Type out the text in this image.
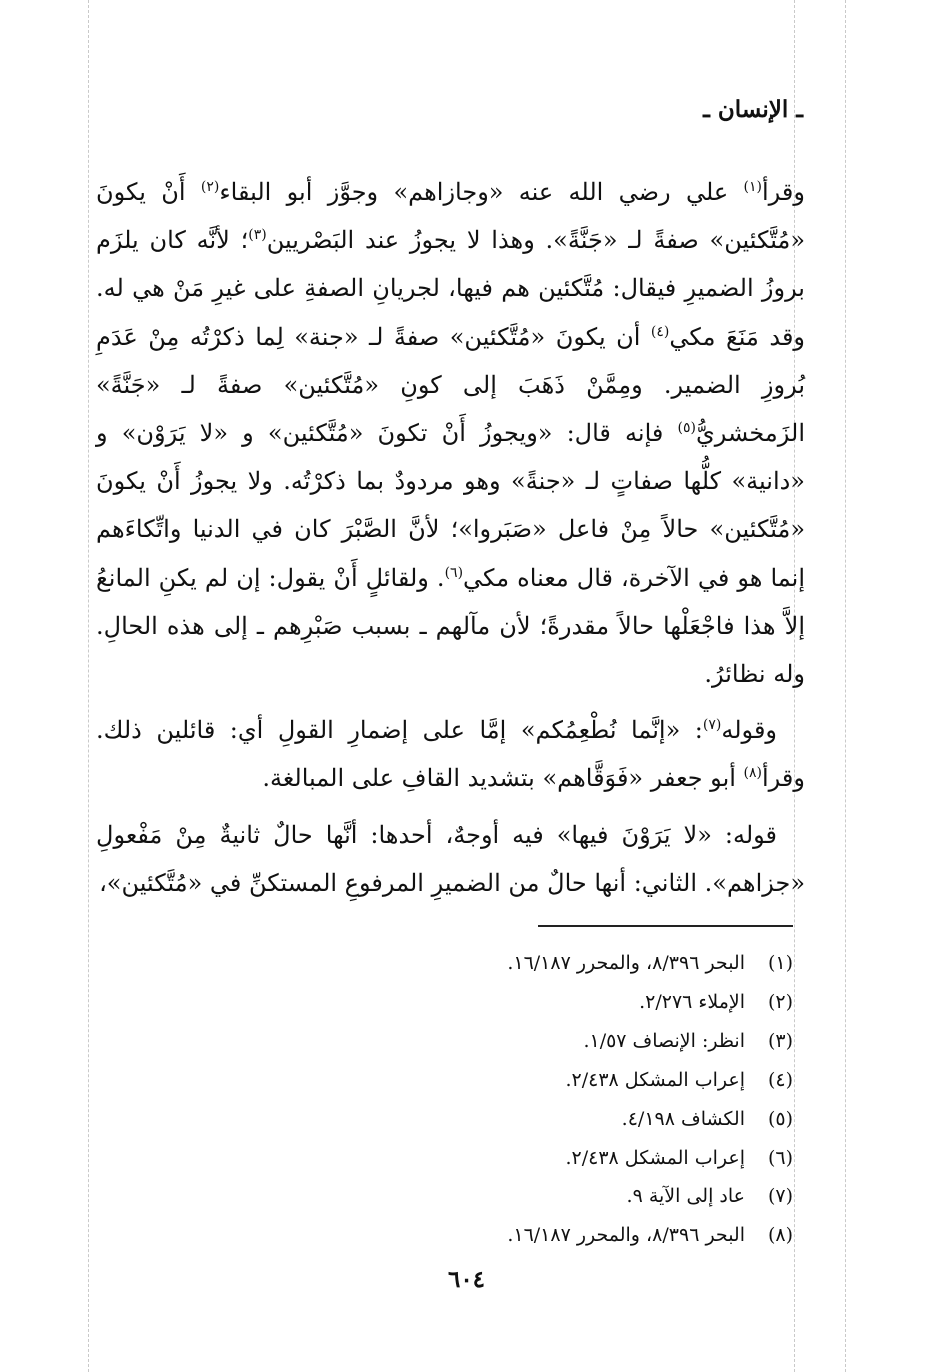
ـ الإنسان ـ

وقرأ$^{(١)}$ علي رضي الله عنه «وجازاهم» وجوَّز أبو البقاء$^{(٢)}$ أَنْ يكونَ «مُتَّكئين» صفةً لـ «جَنَّةً». وهذا لا يجوزُ عند البَصْريين$^{(٣)}$؛ لأنَّه كان يلزَم بروزُ الضميرِ فيقال: مُتَّكئين هم فيها، لجريانِ الصفةِ على غيرِ مَنْ هي له. وقد مَنَعَ مكي$^{(٤)}$ أن يكونَ «مُتَّكئين» صفةً لـ «جنة» لِما ذكرْتُه مِنْ عَدَمِ بُروزِ الضمير. ومِمَّنْ ذَهَبَ إلى كونِ «مُتَّكئين» صفةً لـ «جَنَّةً» الزَمخشريُّ$^{(٥)}$ فإنه قال: «ويجوزُ أَنْ تكونَ «مُتَّكئين» و «لا يَرَوْن» و «دانية» كلُّها صفاتٍ لـ «جنةً» وهو مردودٌ بما ذكرْتُه. ولا يجوزُ أَنْ يكونَ «مُتَّكئين» حالاً مِنْ فاعل «صَبَروا»؛ لأنَّ الصَّبْرَ كان في الدنيا واتِّكاءَهم إنما هو في الآخرة، قال معناه مكي$^{(٦)}$. ولقائلٍ أَنْ يقول: إن لم يكنِ المانعُ إلاَّ هذا فاجْعَلْها حالاً مقدرةً؛ لأن مآلهم ـ بسبب صَبْرِهم ـ إلى هذه الحالِ. وله نظائرُ.

وقوله$^{(٧)}$: «إنَّما نُطْعِمُكم» إمَّا على إضمارِ القولِ أي: قائلين ذلك. وقرأ$^{(٨)}$ أبو جعفر «فَوَقَّاهم» بتشديد القافِ على المبالغة.

قوله: «لا يَرَوْنَ فيها» فيه أوجهٌ، أحدها: أنَّها حالٌ ثانيةٌ مِنْ مَفْعولِ «جزاهم». الثاني: أنها حالٌ من الضميرِ المرفوعِ المستكنِّ في «مُتَّكئين»،

(١)البحر ٨/٣٩٦، والمحرر ١٦/١٨٧.
(٢)الإملاء ٢/٢٧٦.
(٣)انظر: الإنصاف ١/٥٧.
(٤)إعراب المشكل ٢/٤٣٨.
(٥)الكشاف ٤/١٩٨.
(٦)إعراب المشكل ٢/٤٣٨.
(٧)عاد إلى الآية ٩.
(٨)البحر ٨/٣٩٦، والمحرر ١٦/١٨٧.
٦٠٤
